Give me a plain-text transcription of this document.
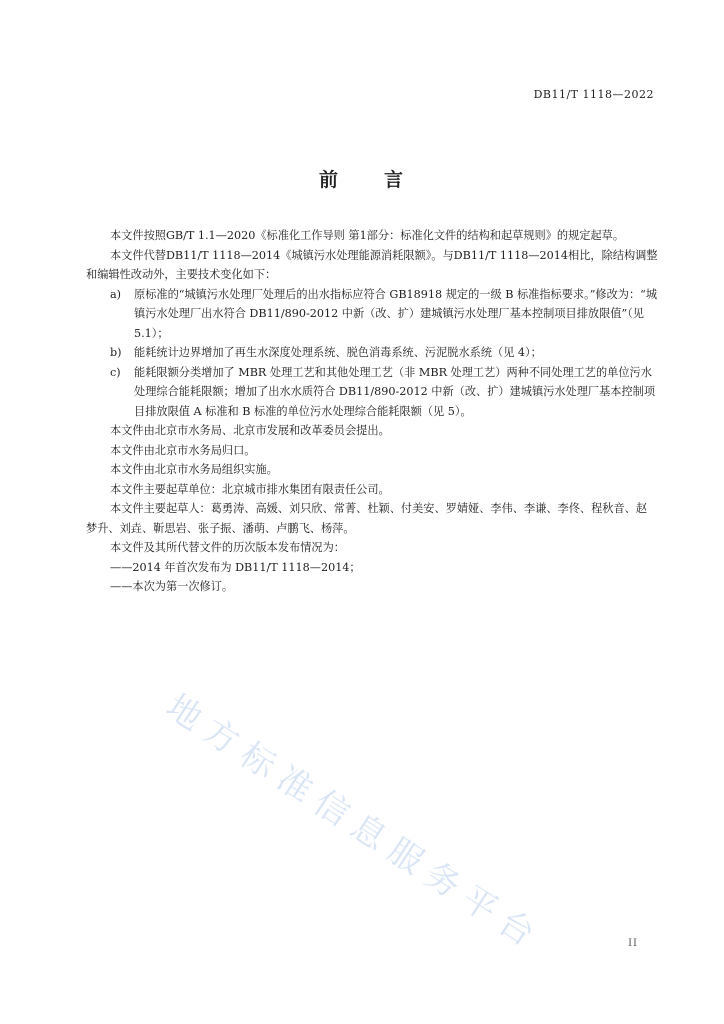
DB11/T 1118—2022
前 言

本文件按照GB/T 1.1—2020《标准化工作导则 第1部分：标准化文件的结构和起草规则》的规定起草。

本文件代替DB11/T 1118—2014《城镇污水处理能源消耗限额》。与DB11/T 1118—2014相比，除结构调整和编辑性改动外，主要技术变化如下：

a) 原标准的“城镇污水处理厂处理后的出水指标应符合 GB18918 规定的一级 B 标准指标要求。”修改为：“城镇污水处理厂出水符合 DB11/890-2012 中新（改、扩）建城镇污水处理厂基本控制项目排放限值”（见 5.1）；
b) 能耗统计边界增加了再生水深度处理系统、脱色消毒系统、污泥脱水系统（见 4）；
c) 能耗限额分类增加了 MBR 处理工艺和其他处理工艺（非 MBR 处理工艺）两种不同处理工艺的单位污水处理综合能耗限额；增加了出水水质符合 DB11/890-2012 中新（改、扩）建城镇污水处理厂基本控制项目排放限值 A 标准和 B 标准的单位污水处理综合能耗限额（见 5）。

本文件由北京市水务局、北京市发展和改革委员会提出。

本文件由北京市水务局归口。

本文件由北京市水务局组织实施。

本文件主要起草单位：北京城市排水集团有限责任公司。

本文件主要起草人：葛勇涛、高媛、刘只欣、常菁、杜颖、付美安、罗婧娅、李伟、李谦、李佟、程秋音、赵梦升、刘垚、靳思岩、张子振、潘萌、卢鹏飞、杨萍。

本文件及其所代替文件的历次版本发布情况为：

——2014 年首次发布为 DB11/T 1118—2014；

——本次为第一次修订。

地方标准信息服务平台	II
